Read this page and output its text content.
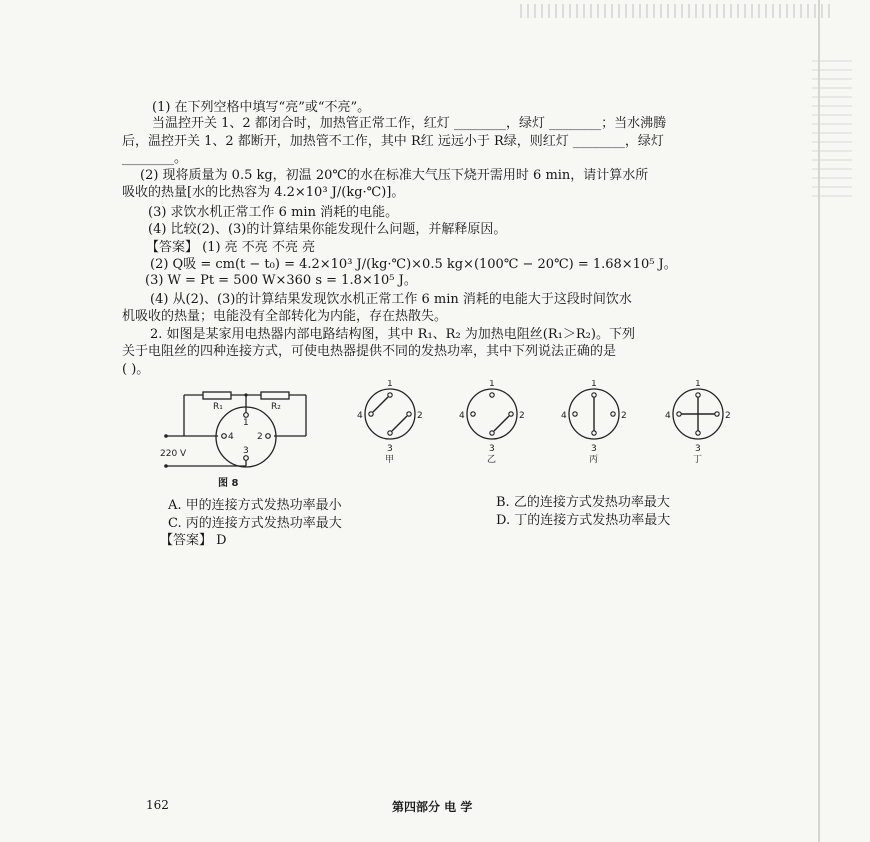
(1) 在下列空格中填写“亮”或“不亮”。
当温控开关 1、2 都闭合时，加热管正常工作，红灯 ________，绿灯 ________；当水沸腾
后，温控开关 1、2 都断开，加热管不工作，其中 R红 远远小于 R绿，则红灯 ________，绿灯
________。
(2) 现将质量为 0.5 kg，初温 20℃的水在标准大气压下烧开需用时 6 min，请计算水所
吸收的热量[水的比热容为 4.2×10³ J/(kg·℃)]。
(3) 求饮水机正常工作 6 min 消耗的电能。
(4) 比较(2)、(3)的计算结果你能发现什么问题，并解释原因。
【答案】 (1) 亮 不亮 不亮 亮
(2) Q吸 = cm(t − t₀) = 4.2×10³ J/(kg·℃)×0.5 kg×(100℃ − 20℃) = 1.68×10⁵ J。
(3) W = Pt = 500 W×360 s = 1.8×10⁵ J。
(4) 从(2)、(3)的计算结果发现饮水机正常工作 6 min 消耗的电能大于这段时间饮水
机吸收的热量；电能没有全部转化为内能，存在热散失。
2. 如图是某家用电热器内部电路结构图，其中 R₁、R₂ 为加热电阻丝(R₁＞R₂)。下列
关于电阻丝的四种连接方式，可使电热器提供不同的发热功率，其中下列说法正确的是
( )。
R₁	R₂
1
2
3
4
220 V
图 8
1
2
3
4
甲
1
2
3
4
乙
1
2
3
4
丙
1
2
3
4
丁
A. 甲的连接方式发热功率最小	B. 乙的连接方式发热功率最大
C. 丙的连接方式发热功率最大	D. 丁的连接方式发热功率最大
【答案】 D
162	第四部分 电 学
